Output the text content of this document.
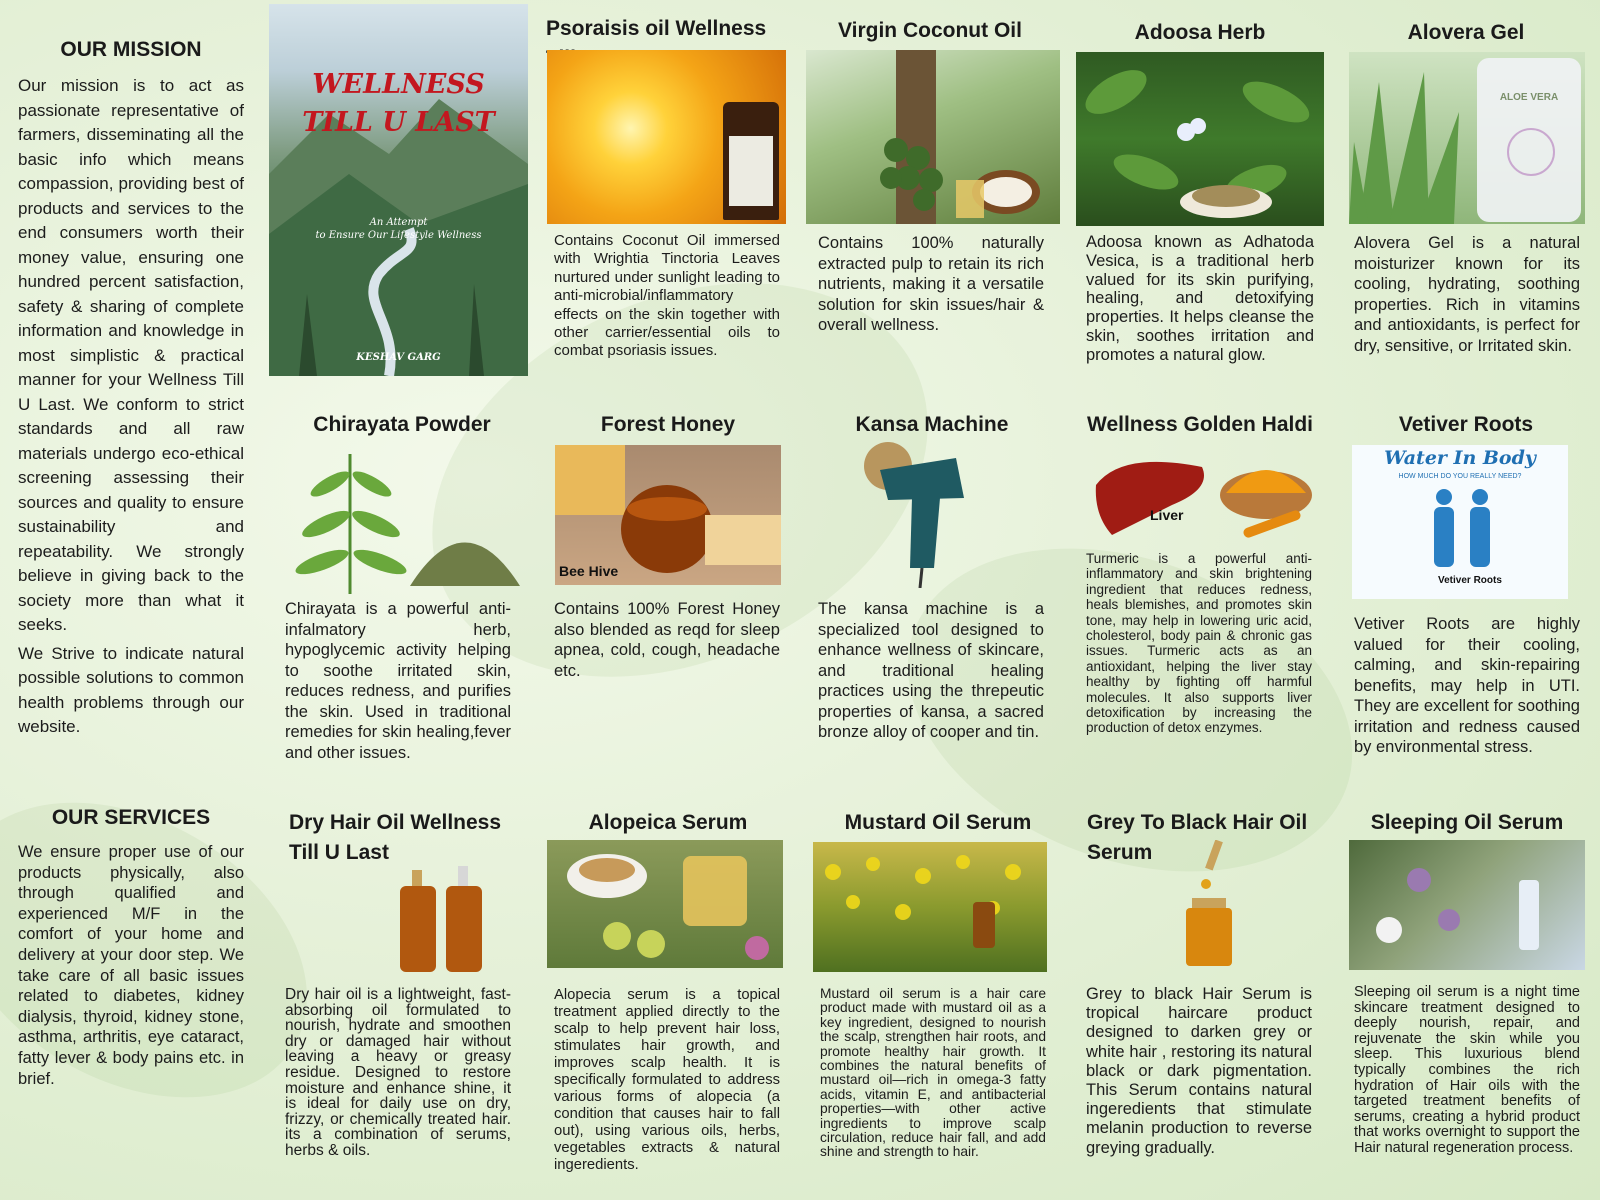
OUR MISSION

Our mission is to act as passionate representative of farmers, disseminating all the basic info which means compassion, providing best of products and services to the end consumers worth their money value, ensuring one hundred percent satisfaction, safety & sharing of complete information and knowledge in most simplistic & practical manner for your Wellness Till U Last. We conform to strict standards and all raw materials undergo eco-ethical screening assessing their sources and quality to ensure sustainability and repeatability. We strongly believe in giving back to the society more than what it seeks.

We Strive to indicate natural possible solutions to common health problems through our website.

OUR SERVICES

We ensure proper use of our products physically, also through qualified and experienced M/F in the comfort of your home and delivery at your door step. We take care of all basic issues related to diabetes, kidney dialysis, thyroid, kidney stone, asthma, arthritis, eye cataract, fatty lever & body pains etc. in brief.

WELLNESS
TILL U LAST
An Attempt
to Ensure Our Lifestyle Wellness
KESHAV GARG
Psoraisis oil Wellness

Contains Coconut Oil immersed with Wrightia Tinctoria Leaves nurtured under sunlight leading to anti-microbial/inflammatory effects on the skin together with other carrier/essential oils to combat psoriasis issues.

Virgin Coconut Oil

Contains 100% naturally extracted pulp to retain its rich nutrients, making it a versatile solution for skin issues/hair & overall wellness.

Adoosa Herb

Adoosa known as Adhatoda Vesica, is a traditional herb valued for its skin purifying, healing, and detoxifying properties. It helps cleanse the skin, soothes irritation and promotes a natural glow.

Alovera Gel
ALOE VERA

Alovera Gel is a natural moisturizer known for its cooling, hydrating, soothing properties. Rich in vitamins and antioxidants, is perfect for dry, sensitive, or Irritated skin.

Chirayata Powder

Chirayata is a powerful anti-infalmatory herb, hypoglycemic activity helping to soothe irritated skin, reduces redness, and purifies the skin. Used in traditional remedies for skin healing,fever and other issues.

Forest Honey
Bee Hive

Contains 100% Forest Honey also blended as reqd for sleep apnea, cold, cough, headache etc.

Kansa Machine

The kansa machine is a specialized tool designed to enhance wellness of skincare, and traditional healing practices using the threpeutic properties of kansa, a sacred bronze alloy of cooper and tin.

Wellness Golden Haldi
Liver

Turmeric is a powerful anti-inflammatory and skin brightening ingredient that reduces redness, heals blemishes, and promotes skin tone, may help in lowering uric acid, cholesterol, body pain & chronic gas issues. Turmeric acts as an antioxidant, helping the liver stay healthy by fighting off harmful molecules. It also supports liver detoxification by increasing the production of detox enzymes.

Vetiver Roots
Water In Body
HOW MUCH DO YOU REALLY NEED?
Vetiver Roots

Vetiver Roots are highly valued for their cooling, calming, and skin-repairing benefits, may help in UTI. They are excellent for soothing irritation and redness caused by environmental stress.

Dry Hair Oil Wellness
Till U Last

Dry hair oil is a lightweight, fast-absorbing oil formulated to nourish, hydrate and smoothen dry or damaged hair without leaving a heavy or greasy residue. Designed to restore moisture and enhance shine, it is ideal for daily use on dry, frizzy, or chemically treated hair. its a combination of serums, herbs & oils.

Alopeica Serum

Alopecia serum is a topical treatment applied directly to the scalp to help prevent hair loss, stimulates hair growth, and improves scalp health. It is specifically formulated to address various forms of alopecia (a condition that causes hair to fall out), using various oils, herbs, vegetables extracts & natural ingeredients.

Mustard Oil Serum

Mustard oil serum is a hair care product made with mustard oil as a key ingredient, designed to nourish the scalp, strengthen hair roots, and promote healthy hair growth. It combines the natural benefits of mustard oil—rich in omega-3 fatty acids, vitamin E, and antibacterial properties—with other active ingredients to improve scalp circulation, reduce hair fall, and add shine and strength to hair.

Grey To Black Hair Oil
Serum

Grey to black Hair Serum is tropical haircare product designed to darken grey or white hair , restoring its natural black or dark pigmentation. This Serum contains natural ingeredients that stimulate melanin production to reverse greying gradually.

Sleeping Oil Serum

Sleeping oil serum is a night time skincare treatment designed to deeply nourish, repair, and rejuvenate the skin while you sleep. This luxurious blend typically combines the rich hydration of Hair oils with the targeted treatment benefits of serums, creating a hybrid product that works overnight to support the Hair natural regeneration process.
